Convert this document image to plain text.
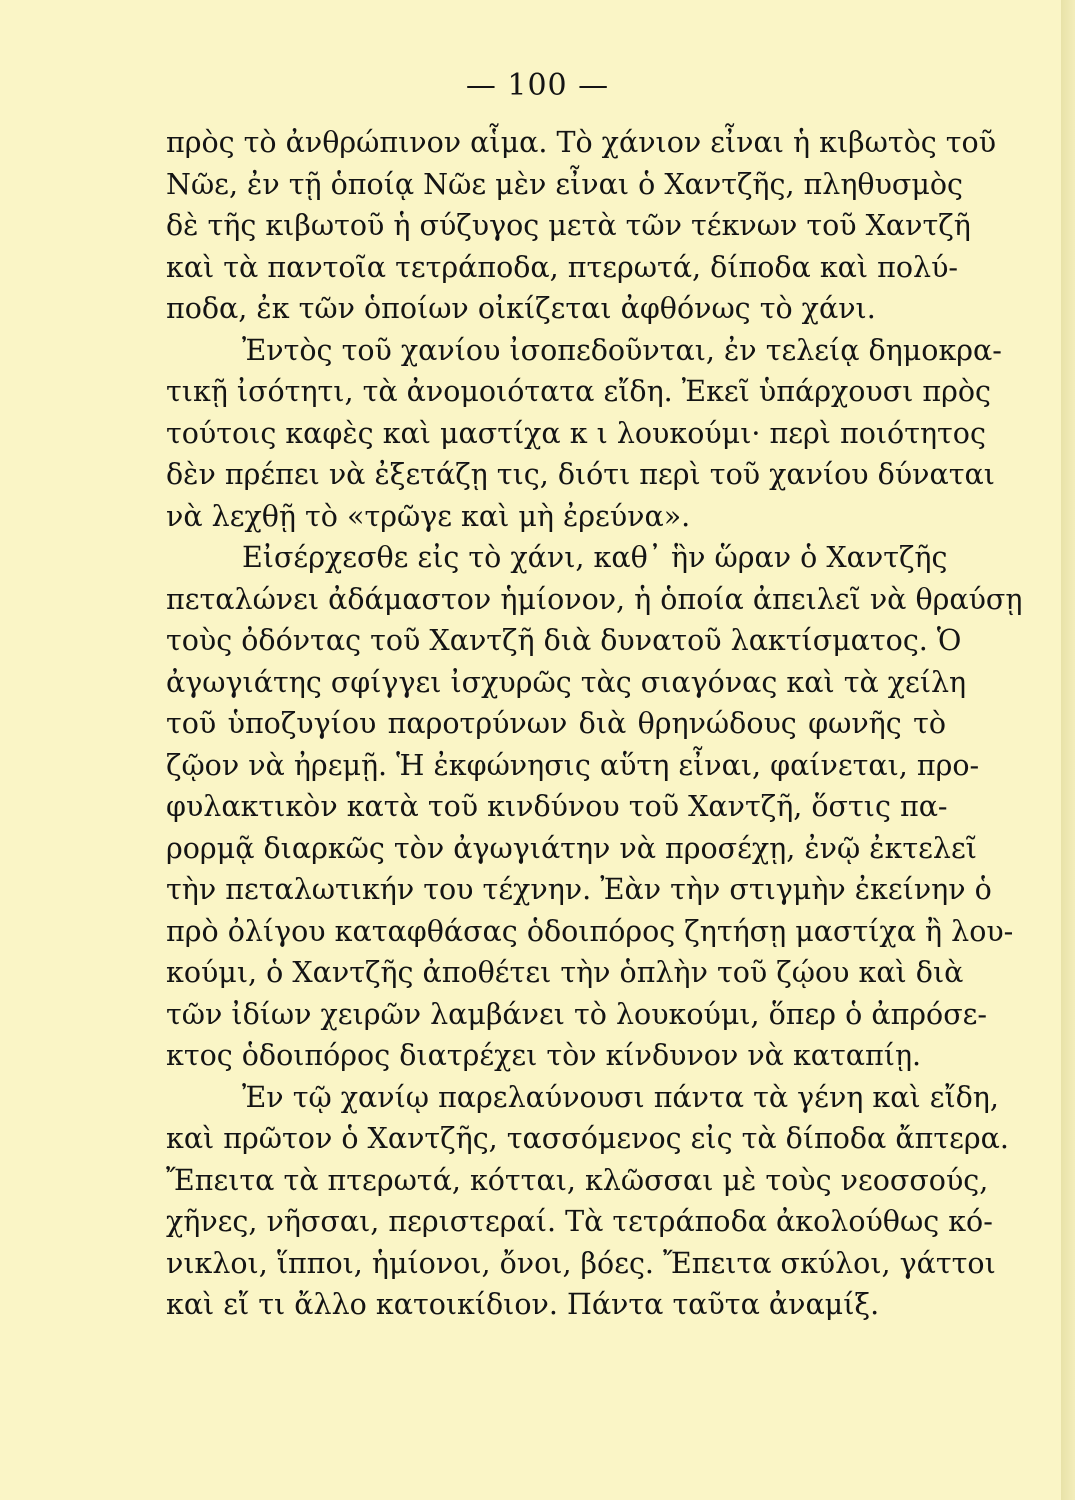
— 100 —
πρὸς τὸ ἀνθρώπινον αἷμα. Τὸ χάνιον εἶναι ἡ κιβωτὸς τοῦ
Νῶε, ἐν τῇ ὁποίᾳ Νῶε μὲν εἶναι ὁ Χαντζῆς, πληθυσμὸς
δὲ τῆς κιβωτοῦ ἡ σύζυγος μετὰ τῶν τέκνων τοῦ Χαντζῆ
καὶ τὰ παντοῖα τετράποδα, πτερωτά, δίποδα καὶ πολύ-
ποδα, ἐκ τῶν ὁποίων οἰκίζεται ἀφθόνως τὸ χάνι.
Ἐντὸς τοῦ χανίου ἰσοπεδοῦνται, ἐν τελείᾳ δημοκρα-
τικῇ ἰσότητι, τὰ ἀνομοιότατα εἴδη. Ἐκεῖ ὑπάρχουσι πρὸς
τούτοις καφὲς καὶ μαστίχα κ ι λουκούμι· περὶ ποιότητος
δὲν πρέπει νὰ ἐξετάζῃ τις, διότι περὶ τοῦ χανίου δύναται
νὰ λεχθῇ τὸ «τρῶγε καὶ μὴ ἐρεύνα».
Εἰσέρχεσθε εἰς τὸ χάνι, καθ᾽ ἣν ὥραν ὁ Χαντζῆς
πεταλώνει ἀδάμαστον ἡμίονον, ἡ ὁποία ἀπειλεῖ νὰ θραύσῃ
τοὺς ὀδόντας τοῦ Χαντζῆ διὰ δυνατοῦ λακτίσματος. Ὁ
ἀγωγιάτης σφίγγει ἰσχυρῶς τὰς σιαγόνας καὶ τὰ χείλη
τοῦ ὑποζυγίου παροτρύνων διὰ θρηνώδους φωνῆς τὸ
ζῷον νὰ ἠρεμῇ. Ἡ ἐκφώνησις αὕτη εἶναι, φαίνεται, προ-
φυλακτικὸν κατὰ τοῦ κινδύνου τοῦ Χαντζῆ, ὅστις πα-
ρορμᾷ διαρκῶς τὸν ἀγωγιάτην νὰ προσέχῃ, ἐνῷ ἐκτελεῖ
τὴν πεταλωτικήν του τέχνην. Ἐὰν τὴν στιγμὴν ἐκείνην ὁ
πρὸ ὀλίγου καταφθάσας ὁδοιπόρος ζητήσῃ μαστίχα ἢ λου-
κούμι, ὁ Χαντζῆς ἀποθέτει τὴν ὁπλὴν τοῦ ζῴου καὶ διὰ
τῶν ἰδίων χειρῶν λαμβάνει τὸ λουκούμι, ὅπερ ὁ ἀπρόσε-
κτος ὁδοιπόρος διατρέχει τὸν κίνδυνον νὰ καταπίῃ.
Ἐν τῷ χανίῳ παρελαύνουσι πάντα τὰ γένη καὶ εἴδη,
καὶ πρῶτον ὁ Χαντζῆς, τασσόμενος εἰς τὰ δίποδα ἄπτερα.
Ἔπειτα τὰ πτερωτά, κότται, κλῶσσαι μὲ τοὺς νεοσσούς,
χῆνες, νῆσσαι, περιστεραί. Τὰ τετράποδα ἀκολούθως κό-
νικλοι, ἵπποι, ἡμίονοι, ὄνοι, βόες. Ἔπειτα σκύλοι, γάττοι
καὶ εἴ τι ἄλλο κατοικίδιον. Πάντα ταῦτα ἀναμίξ.
